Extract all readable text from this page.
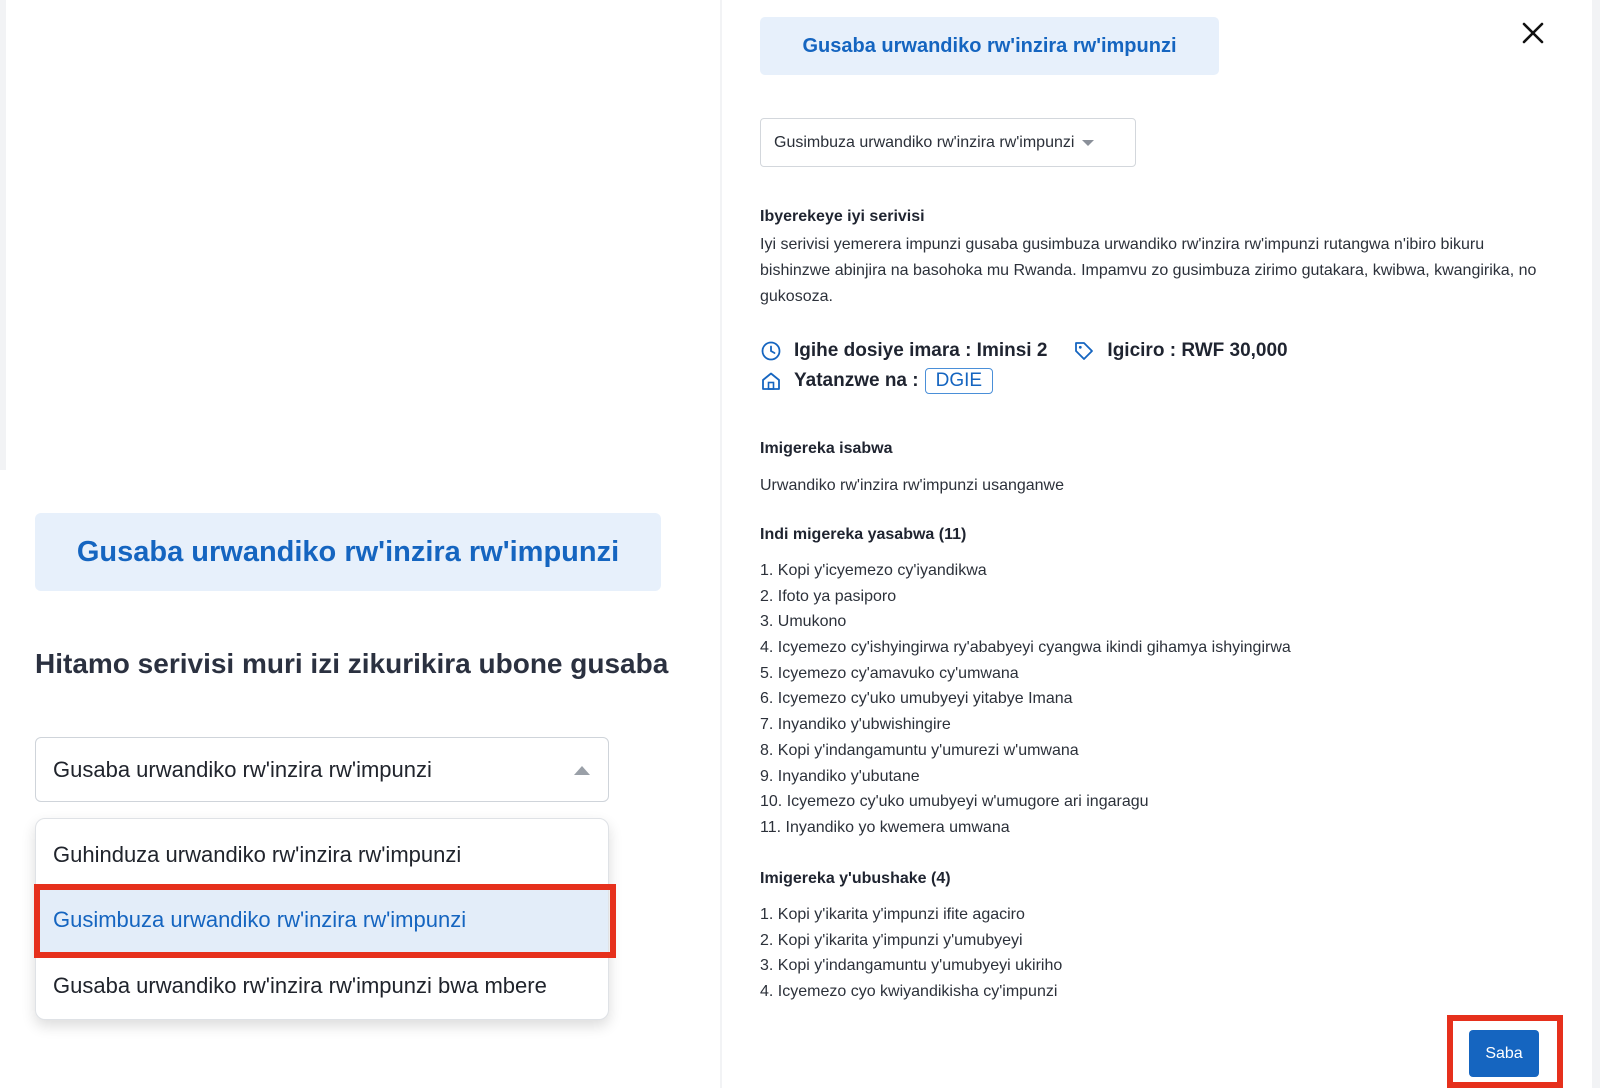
Gusaba urwandiko rw'inzira rw'impunzi
Hitamo serivisi muri izi zikurikira ubone gusaba
Gusaba urwandiko rw'inzira rw'impunzi
Guhinduza urwandiko rw'inzira rw'impunzi
Gusimbuza urwandiko rw'inzira rw'impunzi
Gusaba urwandiko rw'inzira rw'impunzi bwa mbere
Gusaba urwandiko rw'inzira rw'impunzi
Gusimbuza urwandiko rw'inzira rw'impunzi
Ibyerekeye iyi serivisi

Iyi serivisi yemerera impunzi gusaba gusimbuza urwandiko rw'inzira rw'impunzi rutangwa n'ibiro bikuru bishinzwe abinjira na basohoka mu Rwanda. Impamvu zo gusimbuza zirimo gutakara, kwibwa, kwangirika, no gukosoza.

Igihe dosiye imara : Iminsi 2	Igiciro : RWF 30,000
Yatanzwe na : DGIE
Imigereka isabwa

Urwandiko rw'inzira rw'impunzi usanganwe

Indi migereka yasabwa (11)
1. Kopi y'icyemezo cy'iyandikwa
2. Ifoto ya pasiporo
3. Umukono
4. Icyemezo cy'ishyingirwa ry'ababyeyi cyangwa ikindi gihamya ishyingirwa
5. Icyemezo cy'amavuko cy'umwana
6. Icyemezo cy'uko umubyeyi yitabye Imana
7. Inyandiko y'ubwishingire
8. Kopi y'indangamuntu y'umurezi w'umwana
9. Inyandiko y'ubutane
10. Icyemezo cy'uko umubyeyi w'umugore ari ingaragu
11. Inyandiko yo kwemera umwana
Imigereka y'ubushake (4)
1. Kopi y'ikarita y'impunzi ifite agaciro
2. Kopi y'ikarita y'impunzi y'umubyeyi
3. Kopi y'indangamuntu y'umubyeyi ukiriho
4. Icyemezo cyo kwiyandikisha cy'impunzi
Saba
